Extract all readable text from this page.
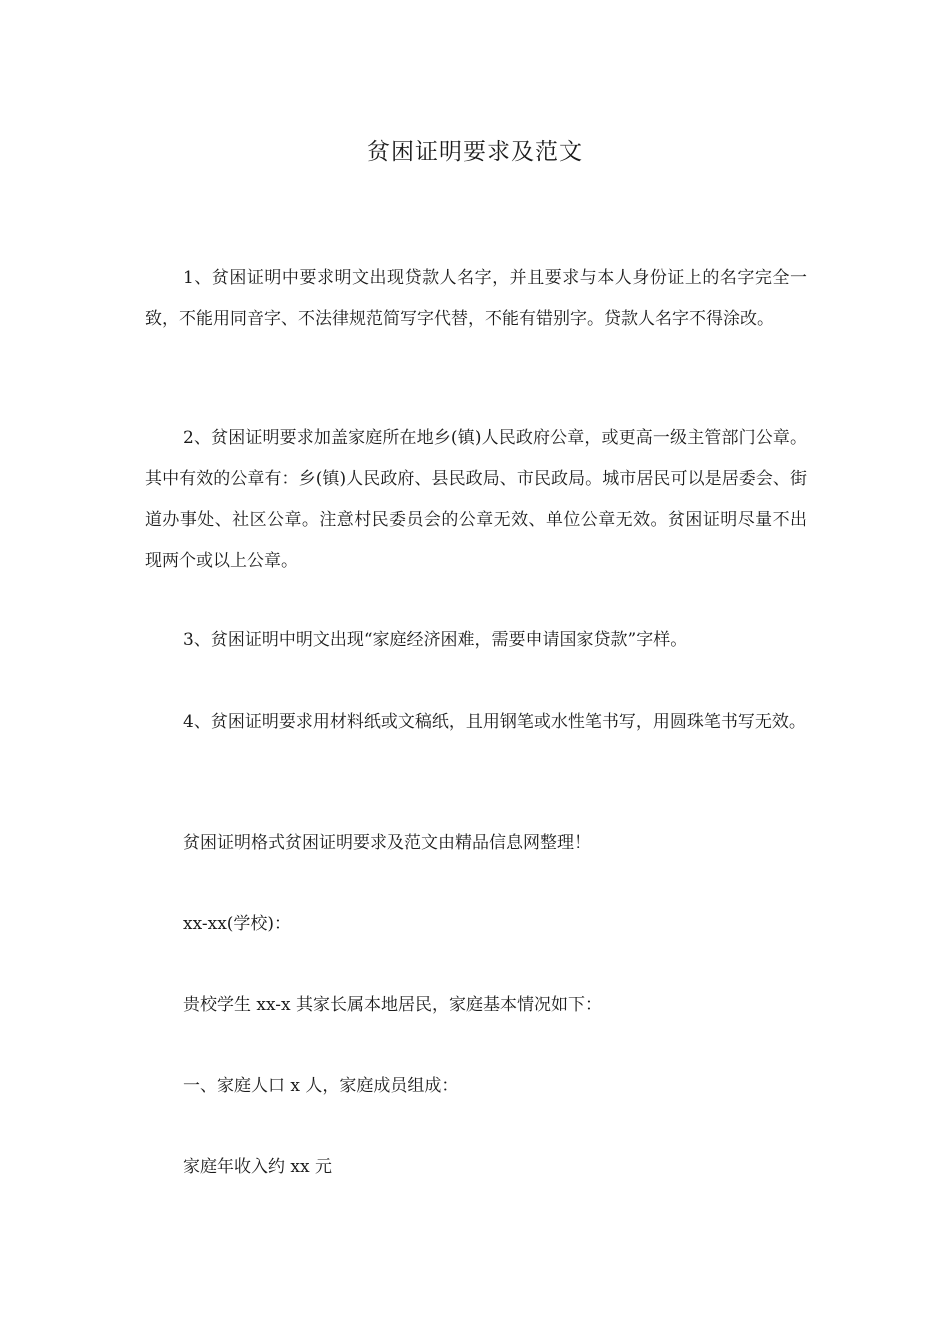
贫困证明要求及范文
1、贫困证明中要求明文出现贷款人名字，并且要求与本人身份证上的名字完全一致，不能用同音字、不法律规范简写字代替，不能有错别字。贷款人名字不得涂改。
2、贫困证明要求加盖家庭所在地乡(镇)人民政府公章，或更高一级主管部门公章。其中有效的公章有：乡(镇)人民政府、县民政局、市民政局。城市居民可以是居委会、街道办事处、社区公章。注意村民委员会的公章无效、单位公章无效。贫困证明尽量不出现两个或以上公章。
3、贫困证明中明文出现“家庭经济困难，需要申请国家贷款”字样。
4、贫困证明要求用材料纸或文稿纸，且用钢笔或水性笔书写，用圆珠笔书写无效。
贫困证明格式贫困证明要求及范文由精品信息网整理！
xx-xx(学校)：
贵校学生 xx-x 其家长属本地居民，家庭基本情况如下：
一、家庭人口 x 人，家庭成员组成：
家庭年收入约 xx 元
